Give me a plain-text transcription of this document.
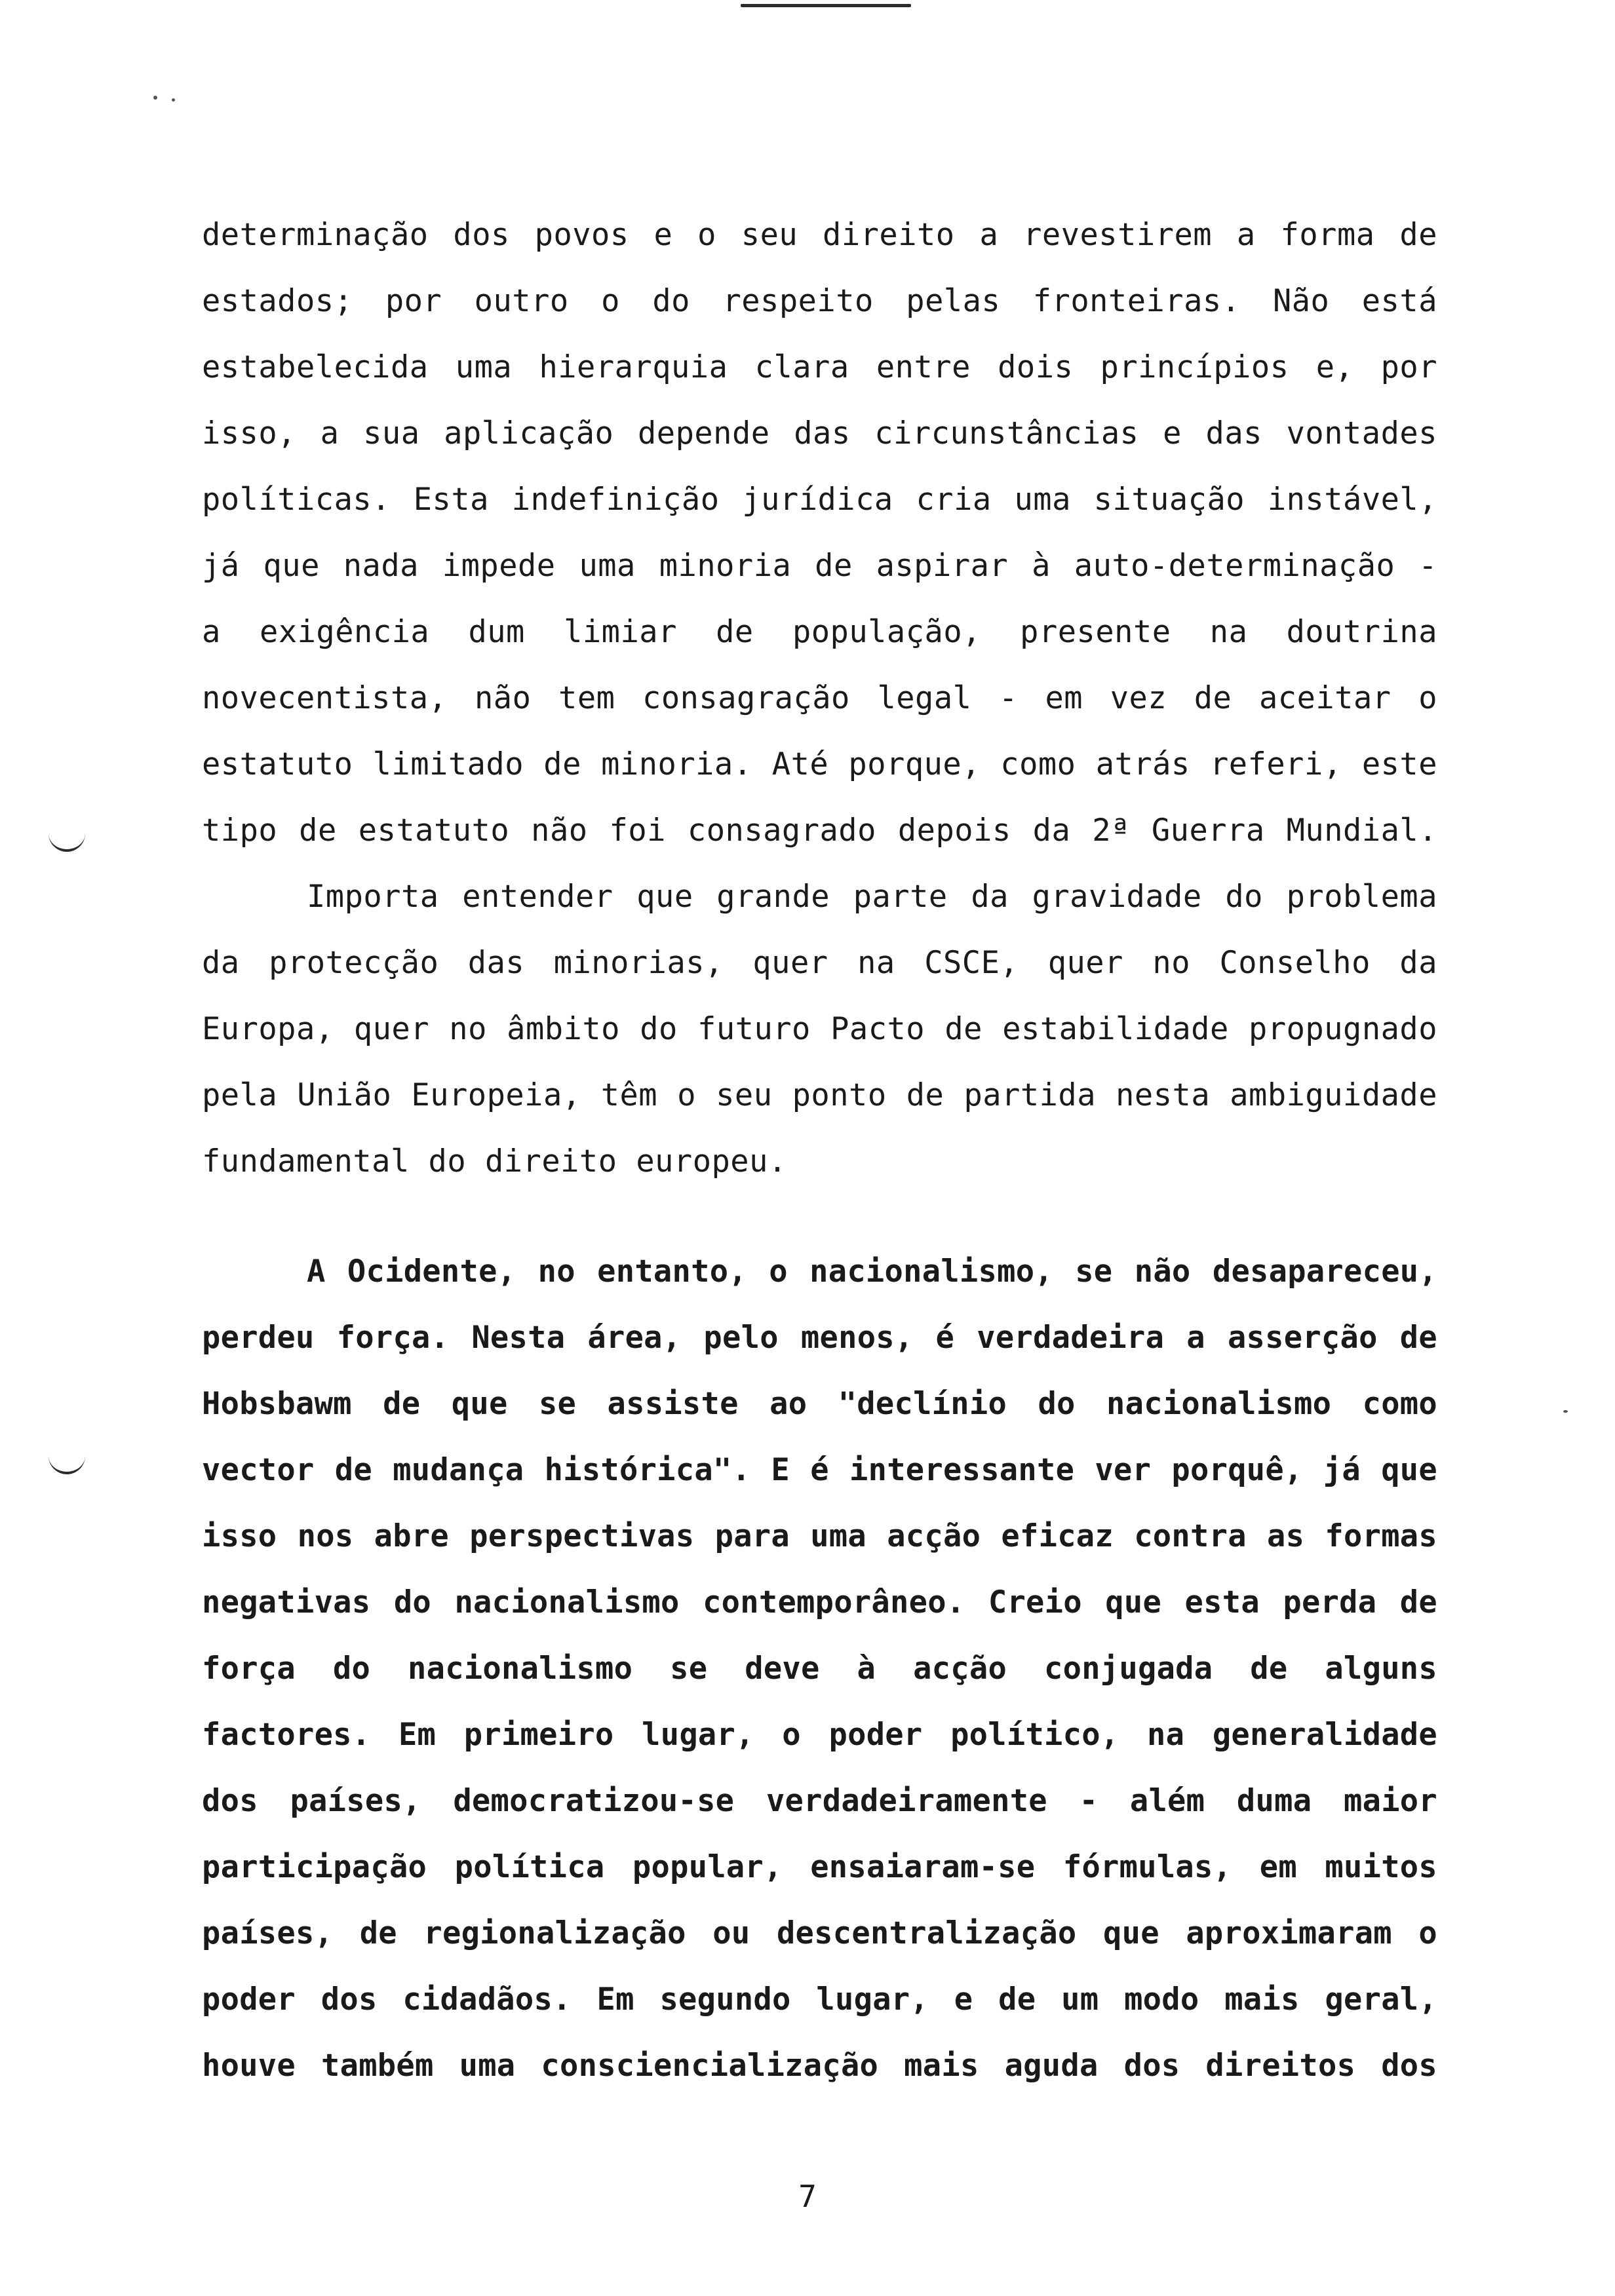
determinação dos povos e o seu direito a revestirem a forma de
estados; por outro o do respeito pelas fronteiras. Não está
estabelecida uma hierarquia clara entre dois princípios e, por
isso, a sua aplicação depende das circunstâncias e das vontades
políticas. Esta indefinição jurídica cria uma situação instável,
já que nada impede uma minoria de aspirar à auto-determinação -
a exigência dum limiar de população, presente na doutrina
novecentista, não tem consagração legal - em vez de aceitar o
estatuto limitado de minoria. Até porque, como atrás referi, este
tipo de estatuto não foi consagrado depois da 2ª Guerra Mundial.
Importa entender que grande parte da gravidade do problema
da protecção das minorias, quer na CSCE, quer no Conselho da
Europa, quer no âmbito do futuro Pacto de estabilidade propugnado
pela União Europeia, têm o seu ponto de partida nesta ambiguidade
fundamental do direito europeu.
A Ocidente, no entanto, o nacionalismo, se não desapareceu,
perdeu força. Nesta área, pelo menos, é verdadeira a asserção de
Hobsbawm de que se assiste ao "declínio do nacionalismo como
vector de mudança histórica". E é interessante ver porquê, já que
isso nos abre perspectivas para uma acção eficaz contra as formas
negativas do nacionalismo contemporâneo. Creio que esta perda de
força do nacionalismo se deve à acção conjugada de alguns
factores. Em primeiro lugar, o poder político, na generalidade
dos países, democratizou-se verdadeiramente - além duma maior
participação política popular, ensaiaram-se fórmulas, em muitos
países, de regionalização ou descentralização que aproximaram o
poder dos cidadãos. Em segundo lugar, e de um modo mais geral,
houve também uma consciencialização mais aguda dos direitos dos
7
